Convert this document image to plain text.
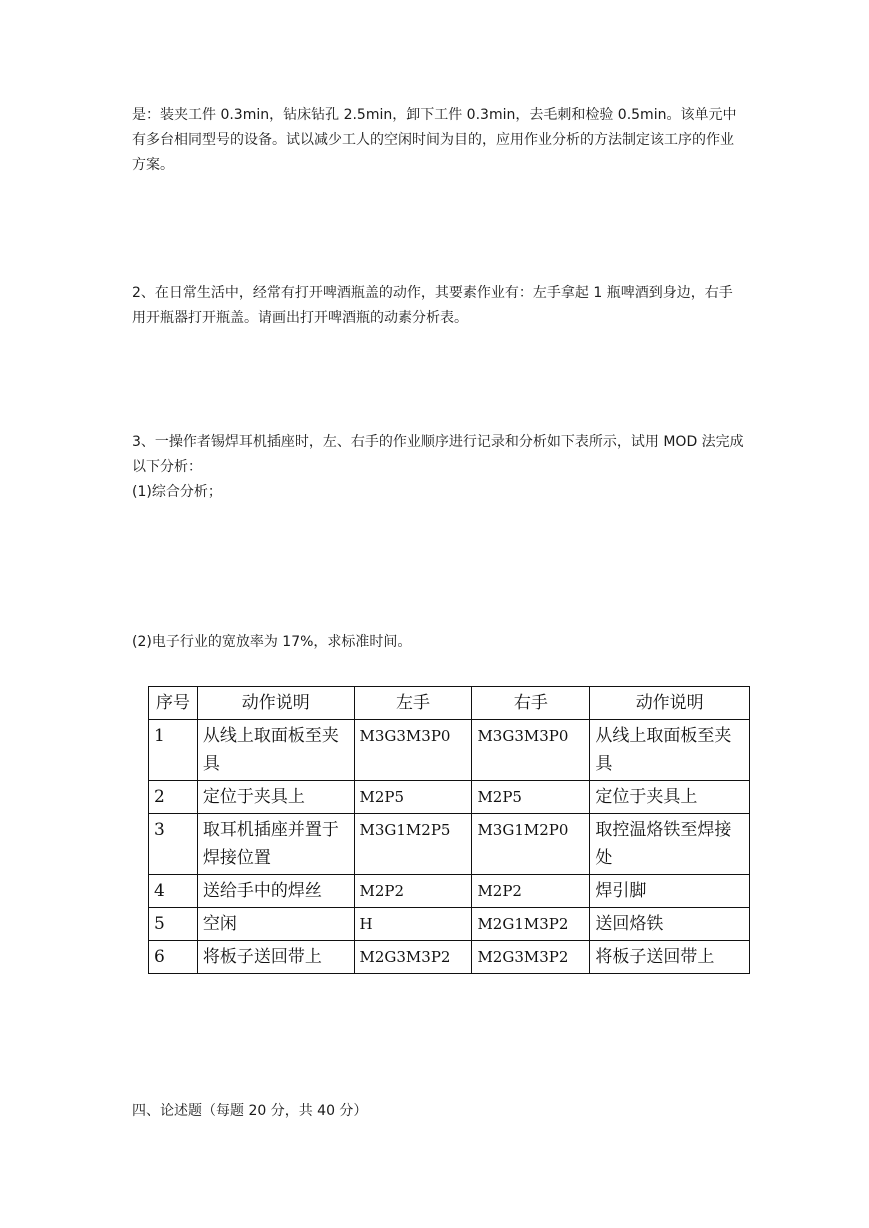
是：装夹工件 0.3min，钻床钻孔 2.5min，卸下工件 0.3min，去毛刺和检验 0.5min。该单元中有多台相同型号的设备。试以减少工人的空闲时间为目的，应用作业分析的方法制定该工序的作业方案。

2、在日常生活中，经常有打开啤酒瓶盖的动作，其要素作业有：左手拿起 1 瓶啤酒到身边，右手用开瓶器打开瓶盖。请画出打开啤酒瓶的动素分析表。

3、一操作者锡焊耳机插座时，左、右手的作业顺序进行记录和分析如下表所示，试用 MOD 法完成以下分析：

(1)综合分析；

(2)电子行业的宽放率为 17%，求标准时间。

序号	动作说明	左手	右手	动作说明
1	从线上取面板至夹具	M3G3M3P0	M3G3M3P0	从线上取面板至夹具
2	定位于夹具上	M2P5	M2P5	定位于夹具上
3	取耳机插座并置于焊接位置	M3G1M2P5	M3G1M2P0	取控温烙铁至焊接处
4	送给手中的焊丝	M2P2	M2P2	焊引脚
5	空闲	H	M2G1M3P2	送回烙铁
6	将板子送回带上	M2G3M3P2	M2G3M3P2	将板子送回带上

四、论述题（每题 20 分，共 40 分）
